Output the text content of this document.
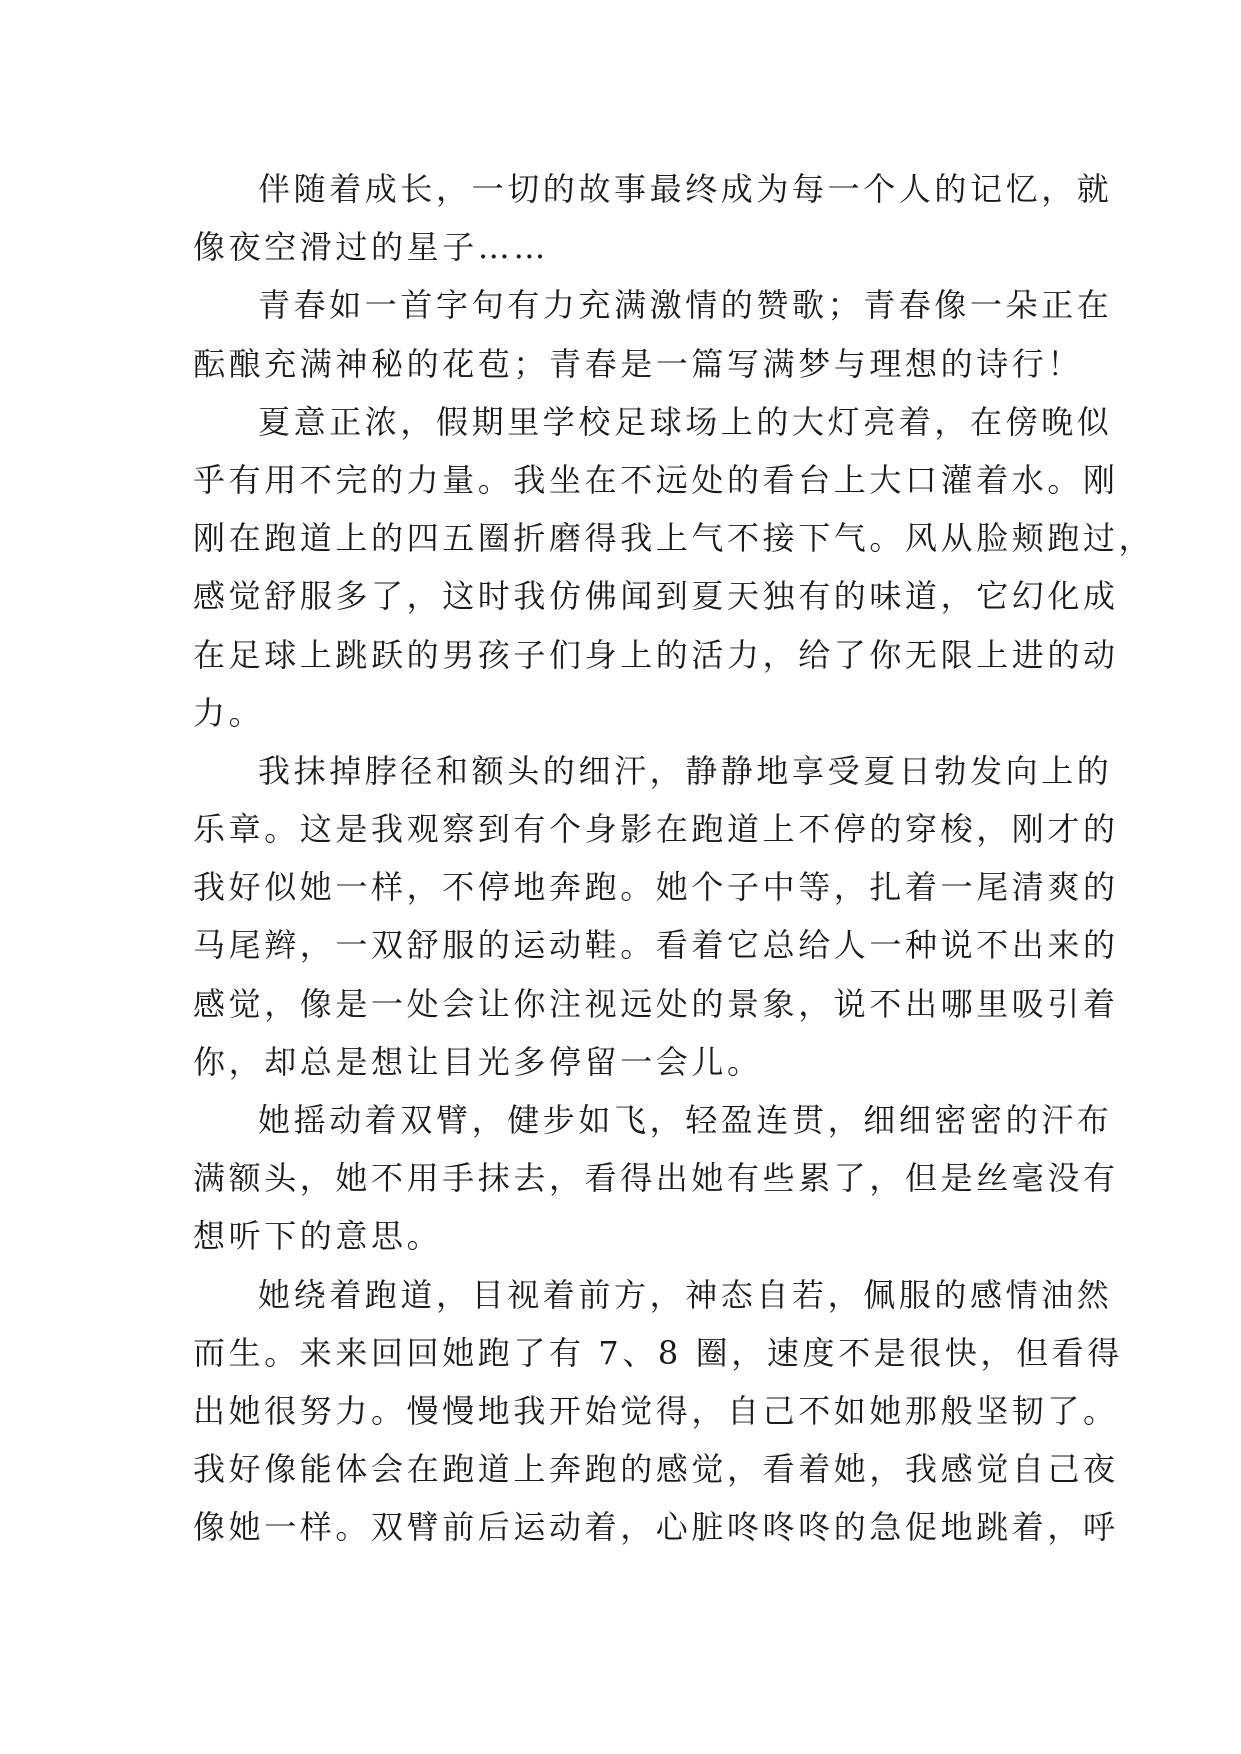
伴随着成长，一切的故事最终成为每一个人的记忆，就
像夜空滑过的星子……
青春如一首字句有力充满激情的赞歌；青春像一朵正在
酝酿充满神秘的花苞；青春是一篇写满梦与理想的诗行！
夏意正浓，假期里学校足球场上的大灯亮着，在傍晚似
乎有用不完的力量。我坐在不远处的看台上大口灌着水。刚
刚在跑道上的四五圈折磨得我上气不接下气。风从脸颊跑过，
感觉舒服多了，这时我仿佛闻到夏天独有的味道，它幻化成
在足球上跳跃的男孩子们身上的活力，给了你无限上进的动
力。
我抹掉脖径和额头的细汗，静静地享受夏日勃发向上的
乐章。这是我观察到有个身影在跑道上不停的穿梭，刚才的
我好似她一样，不停地奔跑。她个子中等，扎着一尾清爽的
马尾辫，一双舒服的运动鞋。看着它总给人一种说不出来的
感觉，像是一处会让你注视远处的景象，说不出哪里吸引着
你，却总是想让目光多停留一会儿。
她摇动着双臂，健步如飞，轻盈连贯，细细密密的汗布
满额头，她不用手抹去，看得出她有些累了，但是丝毫没有
想听下的意思。
她绕着跑道，目视着前方，神态自若，佩服的感情油然
而生。来来回回她跑了有 7、8 圈，速度不是很快，但看得
出她很努力。慢慢地我开始觉得，自己不如她那般坚韧了。
我好像能体会在跑道上奔跑的感觉，看着她，我感觉自己夜
像她一样。双臂前后运动着，心脏咚咚咚的急促地跳着，呼
